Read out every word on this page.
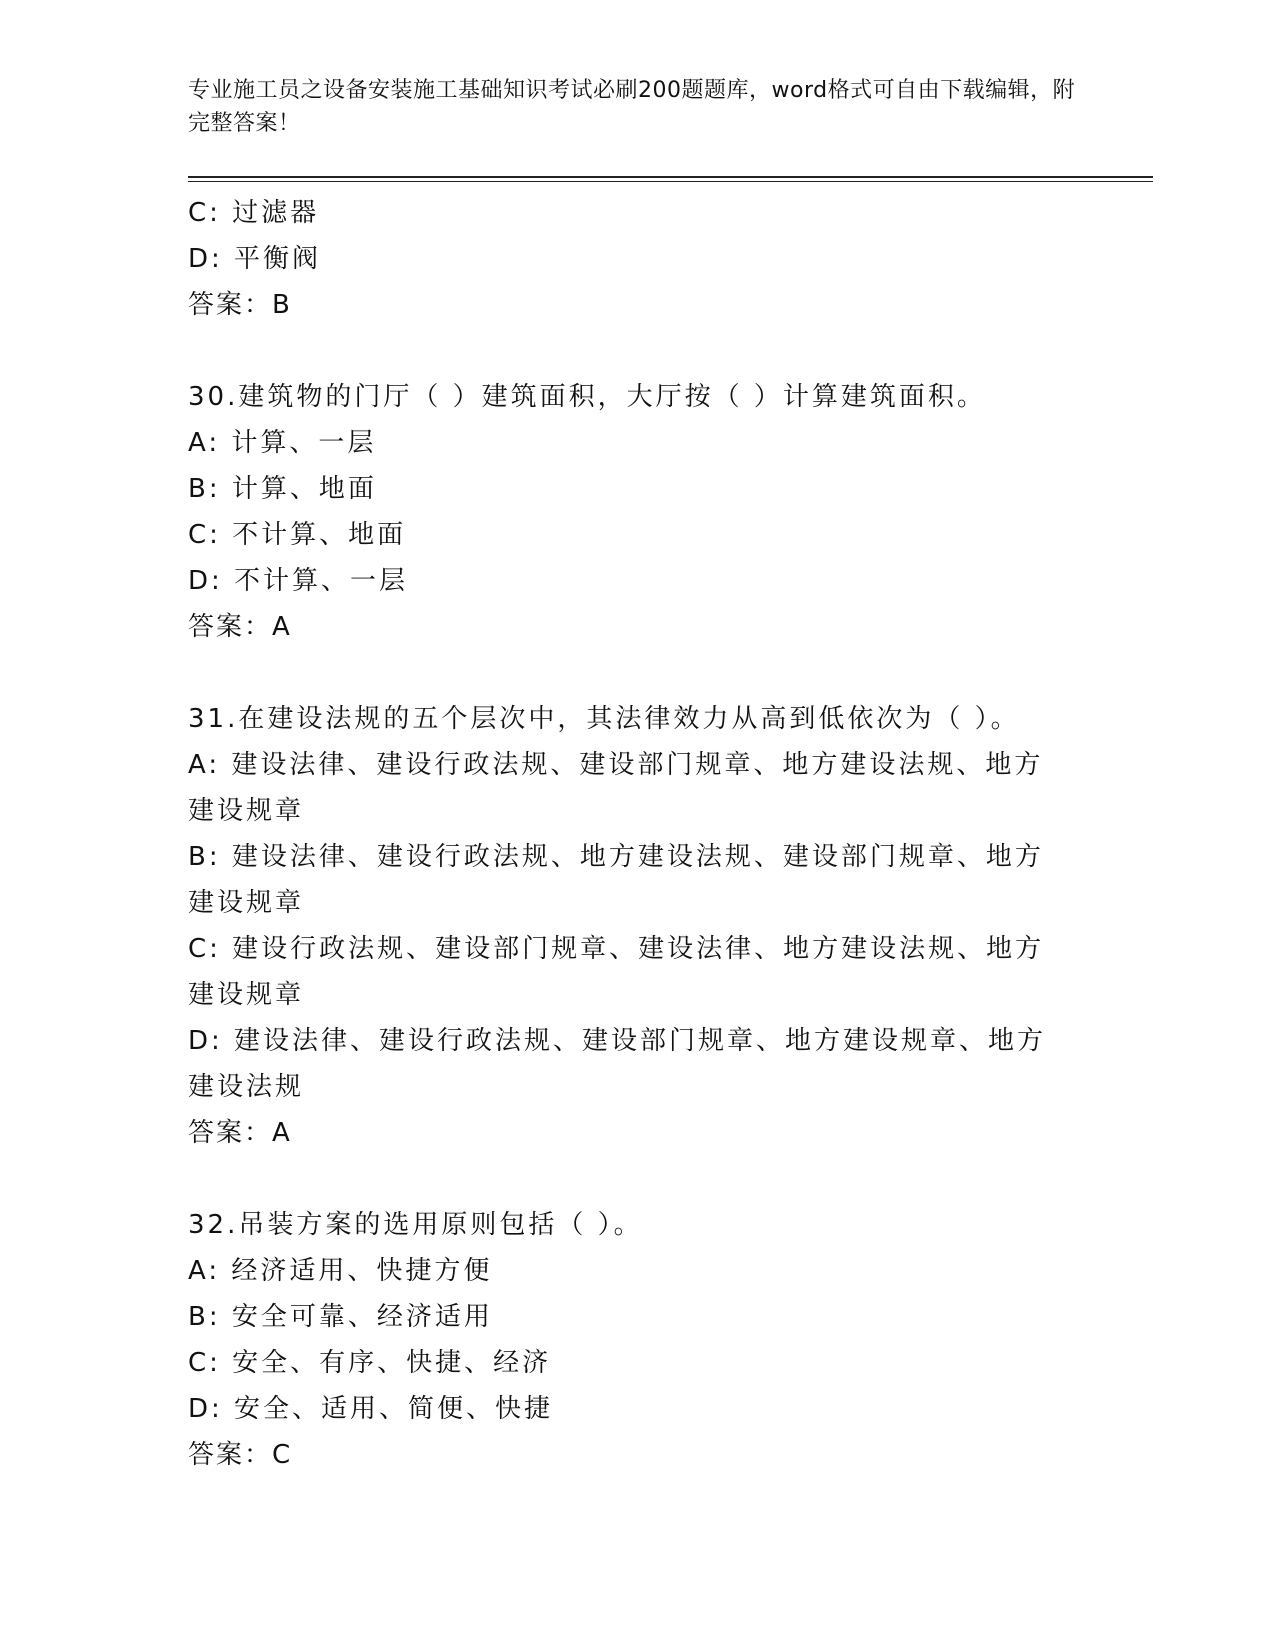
专业施工员之设备安装施工基础知识考试必刷200题题库，word格式可自由下载编辑，附完整答案！
C: 过滤器
D: 平衡阀
答案：B
30.建筑物的门厅（ ）建筑面积，大厅按（ ）计算建筑面积。
A: 计算、一层
B: 计算、地面
C: 不计算、地面
D: 不计算、一层
答案：A
31.在建设法规的五个层次中，其法律效力从高到低依次为（ ）。
A: 建设法律、建设行政法规、建设部门规章、地方建设法规、地方建设规章
B: 建设法律、建设行政法规、地方建设法规、建设部门规章、地方建设规章
C: 建设行政法规、建设部门规章、建设法律、地方建设法规、地方建设规章
D: 建设法律、建设行政法规、建设部门规章、地方建设规章、地方建设法规
答案：A
32.吊装方案的选用原则包括（ ）。
A: 经济适用、快捷方便
B: 安全可靠、经济适用
C: 安全、有序、快捷、经济
D: 安全、适用、简便、快捷
答案：C
